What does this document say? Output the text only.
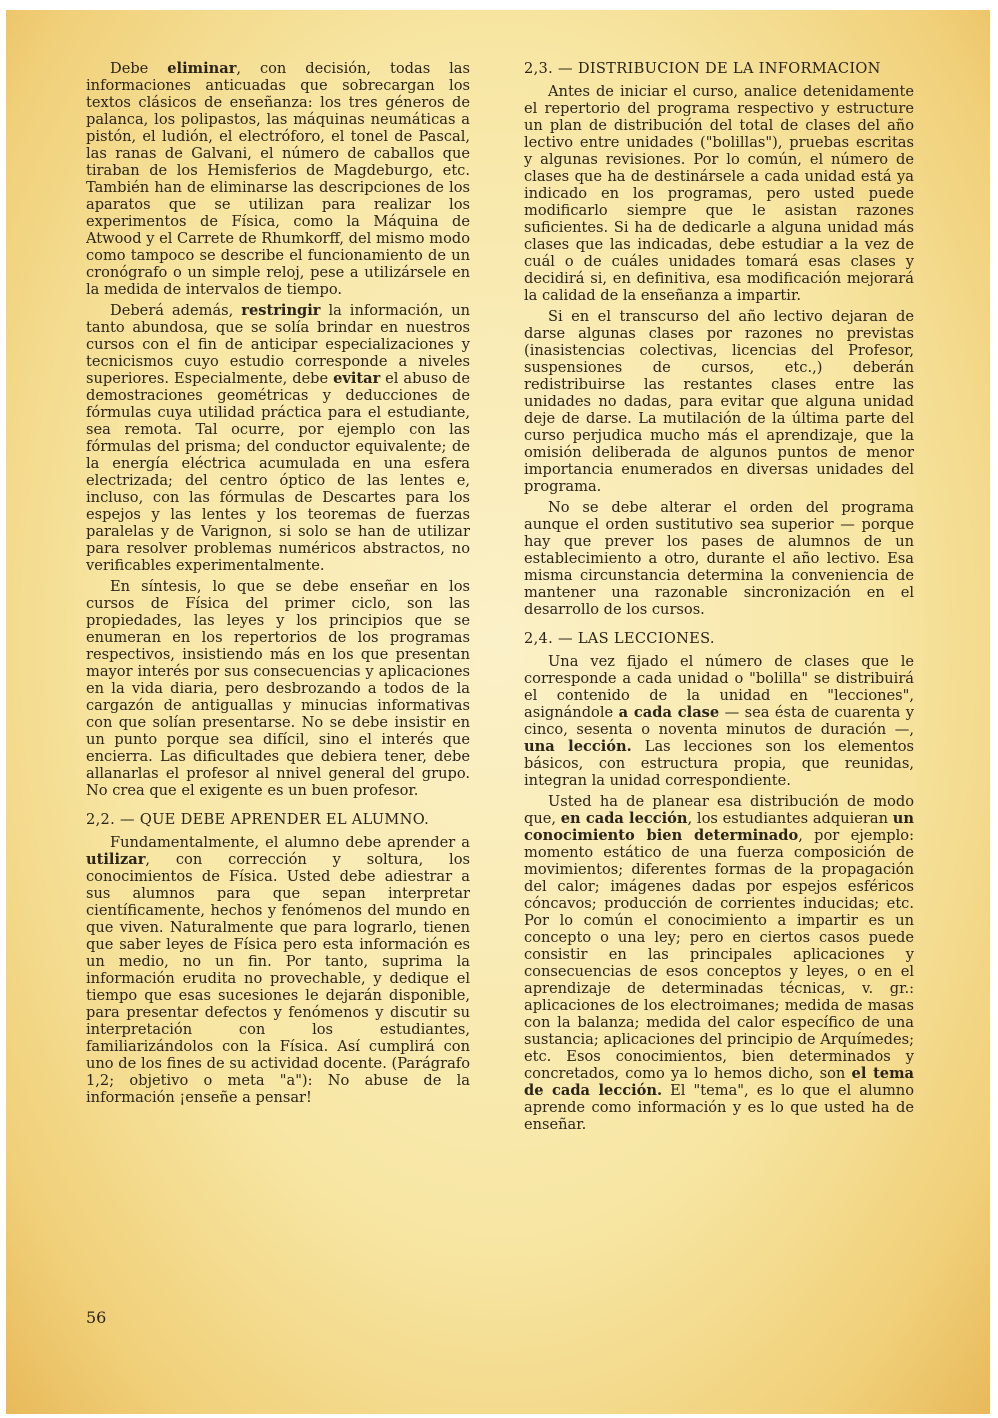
Debe eliminar, con decisión, todas las informaciones anticuadas que sobrecargan los textos clásicos de enseñanza: los tres géneros de palanca, los polipastos, las máquinas neumáticas a pistón, el ludión, el electróforo, el tonel de Pascal, las ranas de Galvani, el número de caballos que tiraban de los Hemisferios de Magdeburgo, etc. También han de eliminarse las descripciones de los aparatos que se utilizan para realizar los experimentos de Física, como la Máquina de Atwood y el Carrete de Rhumkorff, del mismo modo como tampoco se describe el funcionamiento de un cronógrafo o un simple reloj, pese a utilizársele en la medida de intervalos de tiempo.

Deberá además, restringir la información, un tanto abundosa, que se solía brindar en nuestros cursos con el fin de anticipar especializaciones y tecnicismos cuyo estudio corresponde a niveles superiores. Especialmente, debe evitar el abuso de demostraciones geométricas y deducciones de fórmulas cuya utilidad práctica para el estudiante, sea remota. Tal ocurre, por ejemplo con las fórmulas del prisma; del conductor equivalente; de la energía eléctrica acumulada en una esfera electrizada; del centro óptico de las lentes e, incluso, con las fórmulas de Descartes para los espejos y las lentes y los teoremas de fuerzas paralelas y de Varignon, si solo se han de utilizar para resolver problemas numéricos abstractos, no verificables experimentalmente.

En síntesis, lo que se debe enseñar en los cursos de Física del primer ciclo, son las propiedades, las leyes y los principios que se enumeran en los repertorios de los programas respectivos, insistiendo más en los que presentan mayor interés por sus consecuencias y aplicaciones en la vida diaria, pero desbrozando a todos de la cargazón de antiguallas y minucias informativas con que solían presentarse. No se debe insistir en un punto porque sea difícil, sino el interés que encierra. Las dificultades que debiera tener, debe allanarlas el profesor al nnivel general del grupo. No crea que el exigente es un buen profesor.

2,2. — QUE DEBE APRENDER EL ALUMNO.

Fundamentalmente, el alumno debe aprender a utilizar, con corrección y soltura, los conocimientos de Física. Usted debe adiestrar a sus alumnos para que sepan interpretar científicamente, hechos y fenómenos del mundo en que viven. Naturalmente que para lograrlo, tienen que saber leyes de Física pero esta información es un medio, no un fin. Por tanto, suprima la información erudita no provechable, y dedique el tiempo que esas sucesiones le dejarán disponible, para presentar defectos y fenómenos y discutir su interpretación con los estudiantes, familiarizándolos con la Física. Así cumplirá con uno de los fines de su actividad docente. (Parágrafo 1,2; objetivo o meta "a"): No abuse de la información ¡enseñe a pensar!

2,3. — DISTRIBUCION DE LA INFORMACION

Antes de iniciar el curso, analice detenidamente el repertorio del programa respectivo y estructure un plan de distribución del total de clases del año lectivo entre unidades ("bolillas"), pruebas escritas y algunas revisiones. Por lo común, el número de clases que ha de destinársele a cada unidad está ya indicado en los programas, pero usted puede modificarlo siempre que le asistan razones suficientes. Si ha de dedicarle a alguna unidad más clases que las indicadas, debe estudiar a la vez de cuál o de cuáles unidades tomará esas clases y decidirá si, en definitiva, esa modificación mejorará la calidad de la enseñanza a impartir.

Si en el transcurso del año lectivo dejaran de darse algunas clases por razones no previstas (inasistencias colectivas, licencias del Profesor, suspensiones de cursos, etc.,) deberán redistribuirse las restantes clases entre las unidades no dadas, para evitar que alguna unidad deje de darse. La mutilación de la última parte del curso perjudica mucho más el aprendizaje, que la omisión deliberada de algunos puntos de menor importancia enumerados en diversas unidades del programa.

No se debe alterar el orden del programa aunque el orden sustitutivo sea superior — porque hay que prever los pases de alumnos de un establecimiento a otro, durante el año lectivo. Esa misma circunstancia determina la conveniencia de mantener una razonable sincronización en el desarrollo de los cursos.

2,4. — LAS LECCIONES.

Una vez fijado el número de clases que le corresponde a cada unidad o "bolilla" se distribuirá el contenido de la unidad en "lecciones", asignándole a cada clase — sea ésta de cuarenta y cinco, sesenta o noventa minutos de duración —, una lección. Las lecciones son los elementos básicos, con estructura propia, que reunidas, integran la unidad correspondiente.

Usted ha de planear esa distribución de modo que, en cada lección, los estudiantes adquieran un conocimiento bien determinado, por ejemplo: momento estático de una fuerza composición de movimientos; diferentes formas de la propagación del calor; imágenes dadas por espejos esféricos cóncavos; producción de corrientes inducidas; etc. Por lo común el conocimiento a impartir es un concepto o una ley; pero en ciertos casos puede consistir en las principales aplicaciones y consecuencias de esos conceptos y leyes, o en el aprendizaje de determinadas técnicas, v. gr.: aplicaciones de los electroimanes; medida de masas con la balanza; medida del calor específico de una sustancia; aplicaciones del principio de Arquímedes; etc. Esos conocimientos, bien determinados y concretados, como ya lo hemos dicho, son el tema de cada lección. El "tema", es lo que el alumno aprende como información y es lo que usted ha de enseñar.

56
